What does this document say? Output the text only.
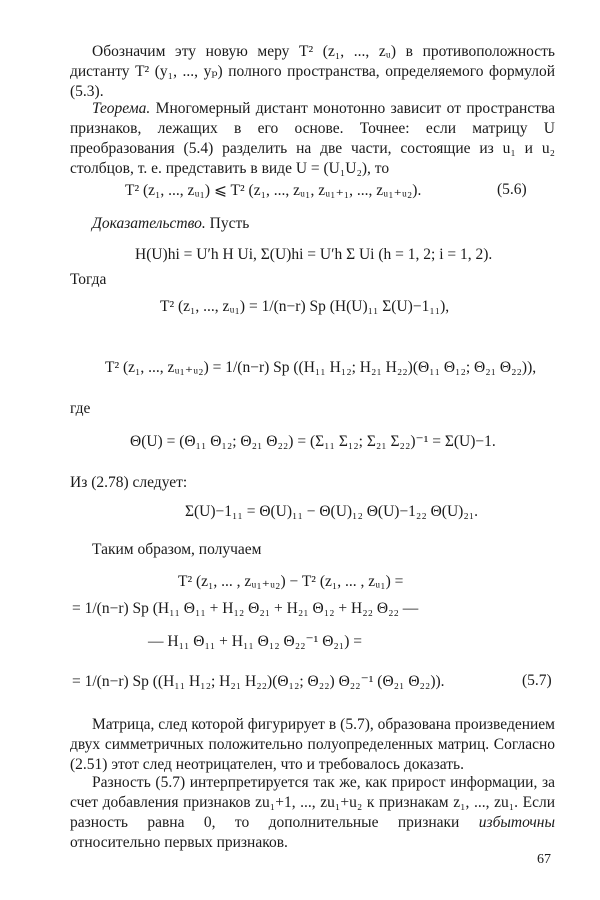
Обозначим эту новую меру T² (z₁, ..., zᵤ) в противоположность дистанту T² (y₁, ..., yₚ) полного пространства, определяемого формулой (5.3).
Теорема. Многомерный дистант монотонно зависит от пространства признаков, лежащих в его основе. Точнее: если матрицу U преобразования (5.4) разделить на две части, состоящие из u₁ и u₂ столбцов, т. е. представить в виде U = (U₁U₂), то
T² (z₁, ..., zᵤ₁) ⩽ T² (z₁, ..., zᵤ₁, zᵤ₁₊₁, ..., zᵤ₁₊ᵤ₂).	(5.6)
Доказательство. Пусть
H(U)hi = U′h H Ui, Σ(U)hi = U′h Σ Ui (h = 1, 2; i = 1, 2).
Тогда
T² (z₁, ..., zᵤ₁) = 1/(n−r) Sp (H(U)₁₁ Σ(U)−1₁₁),
T² (z₁, ..., zᵤ₁₊ᵤ₂) = 1/(n−r) Sp ((H₁₁ H₁₂; H₂₁ H₂₂)(Θ₁₁ Θ₁₂; Θ₂₁ Θ₂₂)),
где
Θ(U) = (Θ₁₁ Θ₁₂; Θ₂₁ Θ₂₂) = (Σ₁₁ Σ₁₂; Σ₂₁ Σ₂₂)⁻¹ = Σ(U)−1.
Из (2.78) следует:
Σ(U)−1₁₁ = Θ(U)₁₁ − Θ(U)₁₂ Θ(U)−1₂₂ Θ(U)₂₁.
Таким образом, получаем
T² (z₁, ... , zᵤ₁₊ᵤ₂) − T² (z₁, ... , zᵤ₁) =
= 1/(n−r) Sp (H₁₁ Θ₁₁ + H₁₂ Θ₂₁ + H₂₁ Θ₁₂ + H₂₂ Θ₂₂ —
— H₁₁ Θ₁₁ + H₁₁ Θ₁₂ Θ₂₂⁻¹ Θ₂₁) =
= 1/(n−r) Sp ((H₁₁ H₁₂; H₂₁ H₂₂)(Θ₁₂; Θ₂₂) Θ₂₂⁻¹ (Θ₂₁ Θ₂₂)).	(5.7)
Матрица, след которой фигурирует в (5.7), образована произведением двух симметричных положительно полуопределенных матриц. Согласно (2.51) этот след неотрицателен, что и требовалось доказать.
Разность (5.7) интерпретируется так же, как прирост информации, за счет добавления признаков zu₁+1, ..., zu₁+u₂ к признакам z₁, ..., zu₁. Если разность равна 0, то дополнительные признаки избыточны относительно первых признаков.
67
